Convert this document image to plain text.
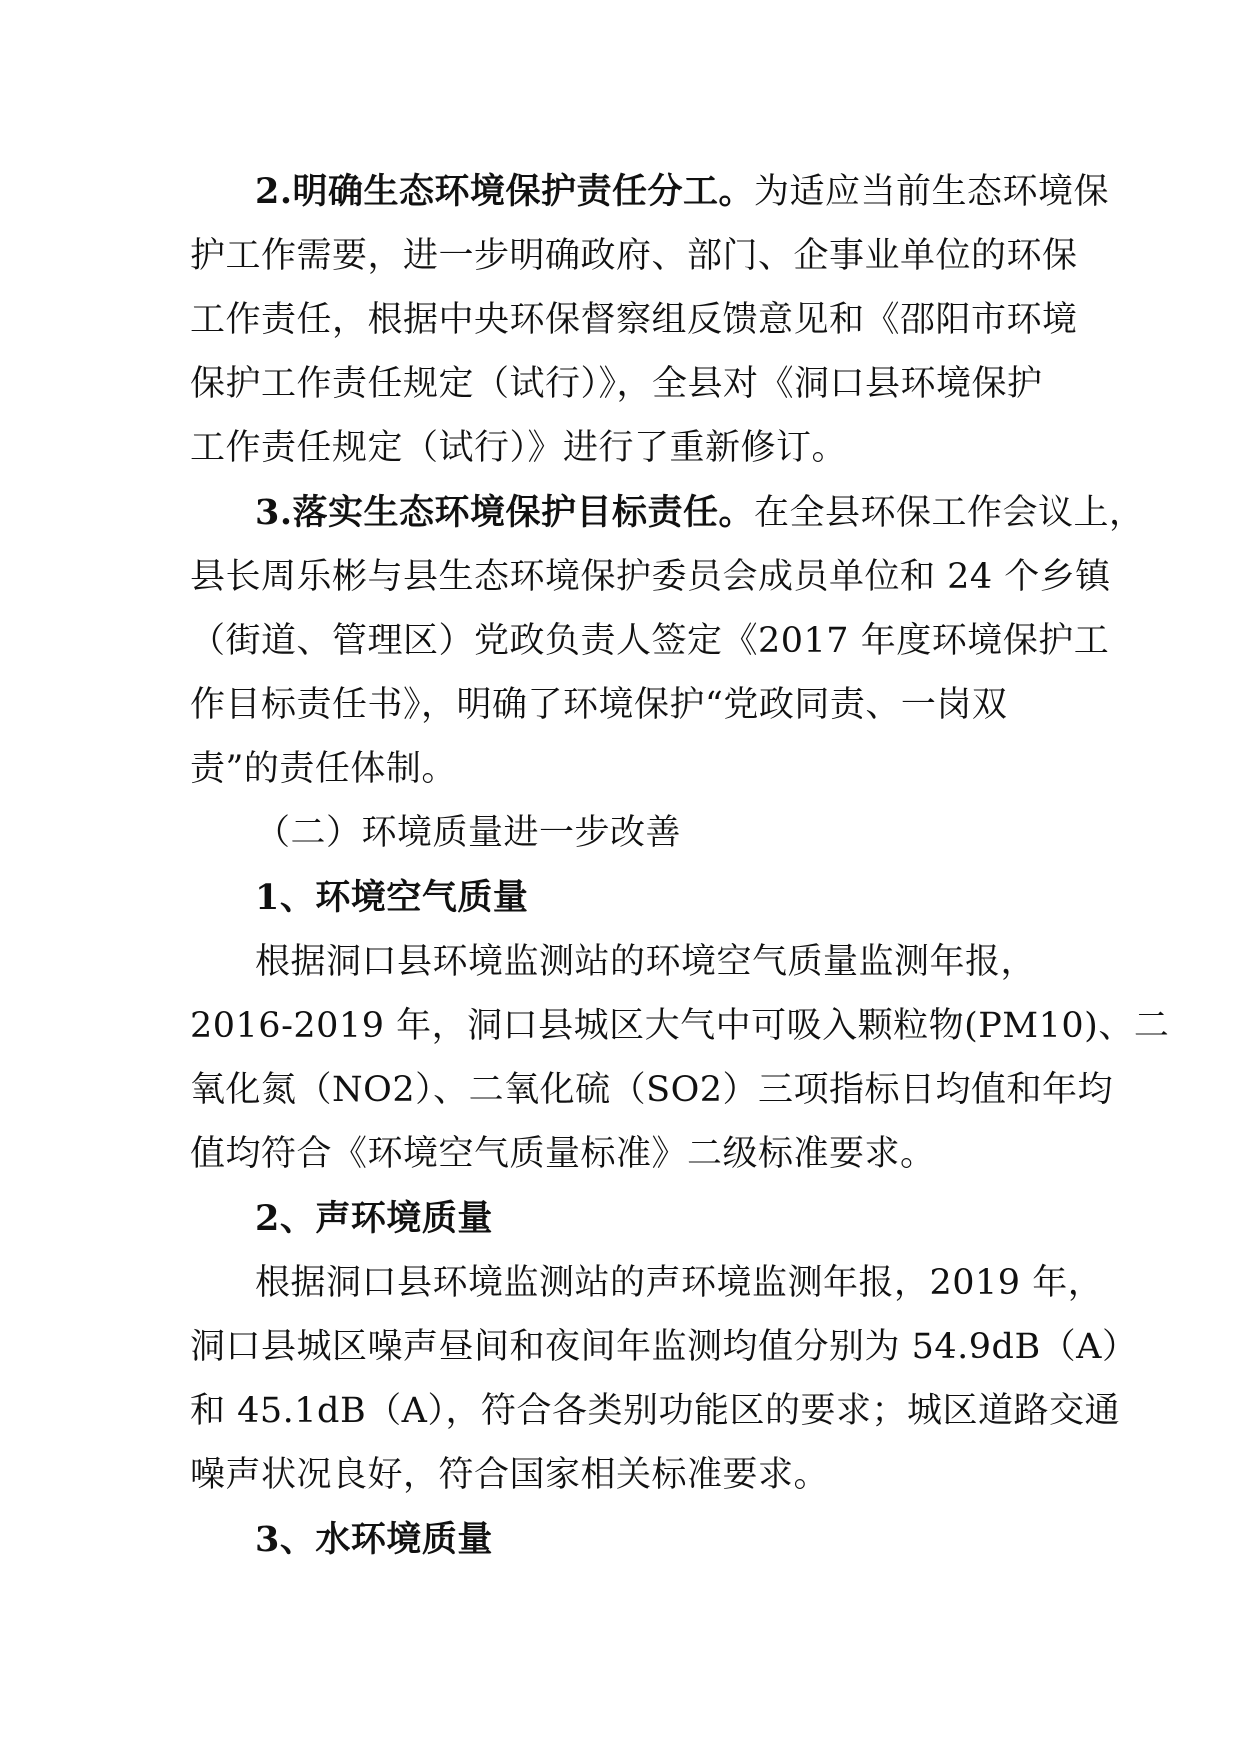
2.明确生态环境保护责任分工。为适应当前生态环境保
护工作需要，进一步明确政府、部门、企事业单位的环保
工作责任，根据中央环保督察组反馈意见和《邵阳市环境
保护工作责任规定（试行）》，全县对《洞口县环境保护
工作责任规定（试行）》进行了重新修订。
3.落实生态环境保护目标责任。在全县环保工作会议上，
县长周乐彬与县生态环境保护委员会成员单位和 24 个乡镇
（街道、管理区）党政负责人签定《2017 年度环境保护工
作目标责任书》，明确了环境保护“党政同责、一岗双
责”的责任体制。
（二）环境质量进一步改善
1、环境空气质量
根据洞口县环境监测站的环境空气质量监测年报，
2016-2019 年，洞口县城区大气中可吸入颗粒物(PM10)、二
氧化氮（NO2）、二氧化硫（SO2）三项指标日均值和年均
值均符合《环境空气质量标准》二级标准要求。
2、声环境质量
根据洞口县环境监测站的声环境监测年报，2019 年，
洞口县城区噪声昼间和夜间年监测均值分别为 54.9dB（A）
和 45.1dB（A），符合各类别功能区的要求；城区道路交通
噪声状况良好，符合国家相关标准要求。
3、水环境质量
